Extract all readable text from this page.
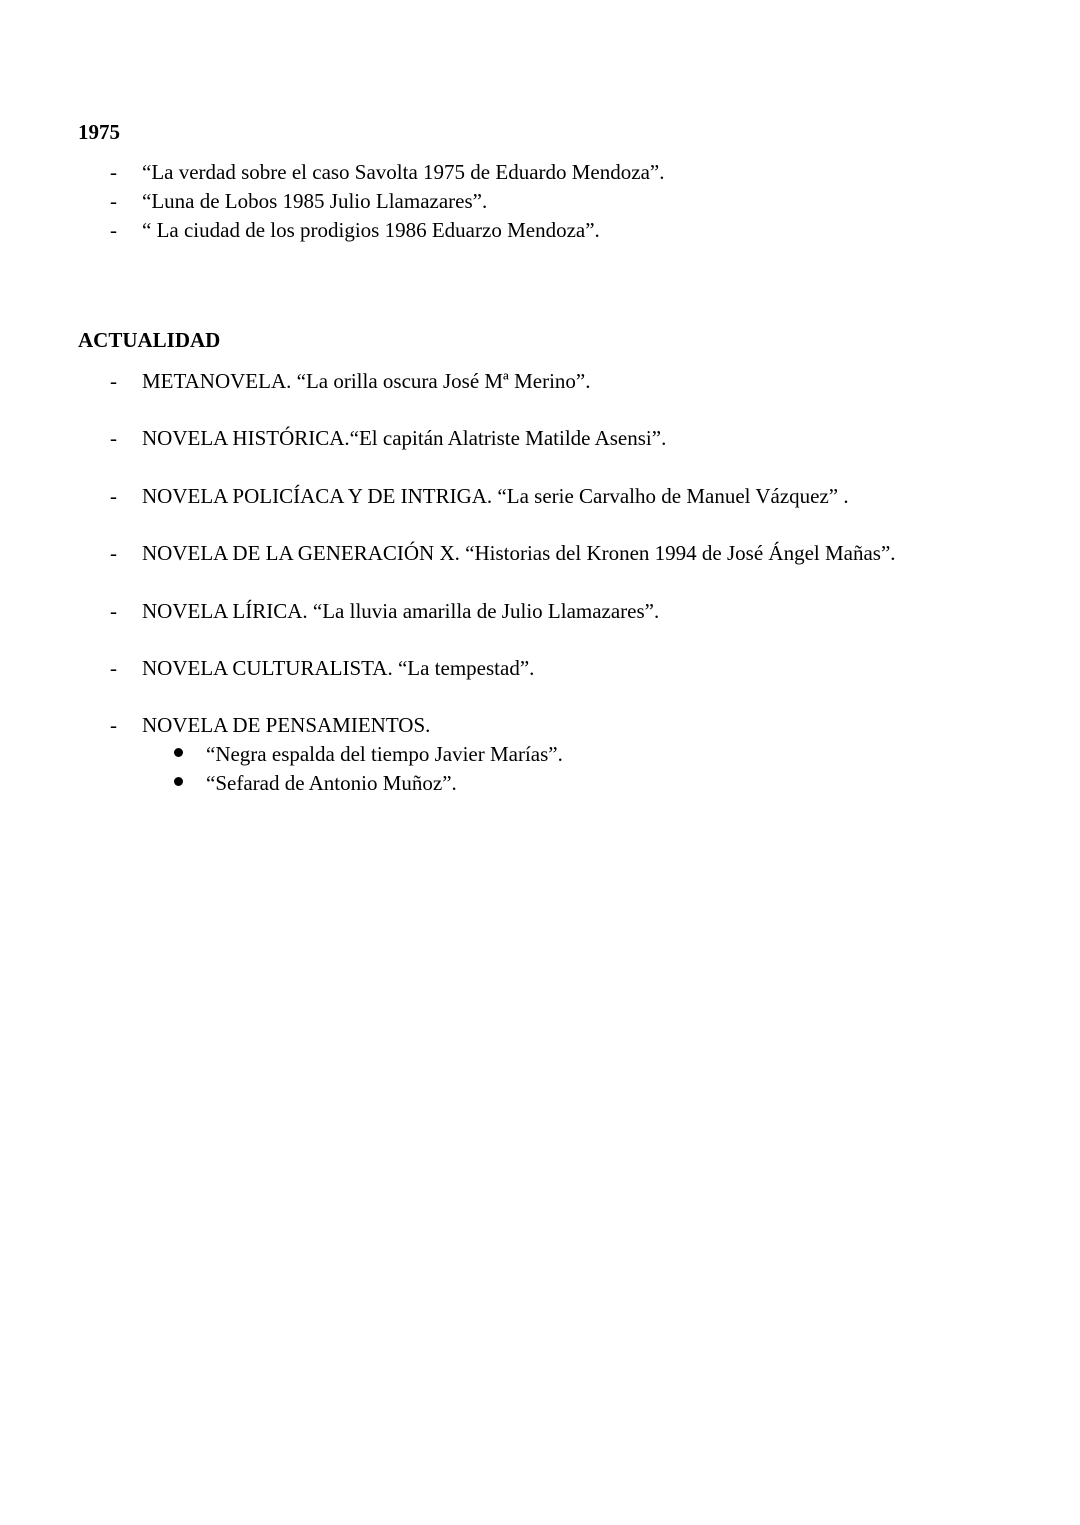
1975
- “La verdad sobre el caso Savolta 1975 de Eduardo Mendoza”.
- “Luna de Lobos 1985 Julio Llamazares”.
- “ La ciudad de los prodigios 1986 Eduarzo Mendoza”.
ACTUALIDAD
- METANOVELA. “La orilla oscura José Mª Merino”.
- NOVELA HISTÓRICA.“El capitán Alatriste Matilde Asensi”.
- NOVELA POLICÍACA Y DE INTRIGA. “La serie Carvalho de Manuel Vázquez” .
- NOVELA DE LA GENERACIÓN X. “Historias del Kronen 1994 de José Ángel Mañas”.
- NOVELA LÍRICA. “La lluvia amarilla de Julio Llamazares”.
- NOVELA CULTURALISTA. “La tempestad”.
- NOVELA DE PENSAMIENTOS.
“Negra espalda del tiempo Javier Marías”.
“Sefarad de Antonio Muñoz”.
